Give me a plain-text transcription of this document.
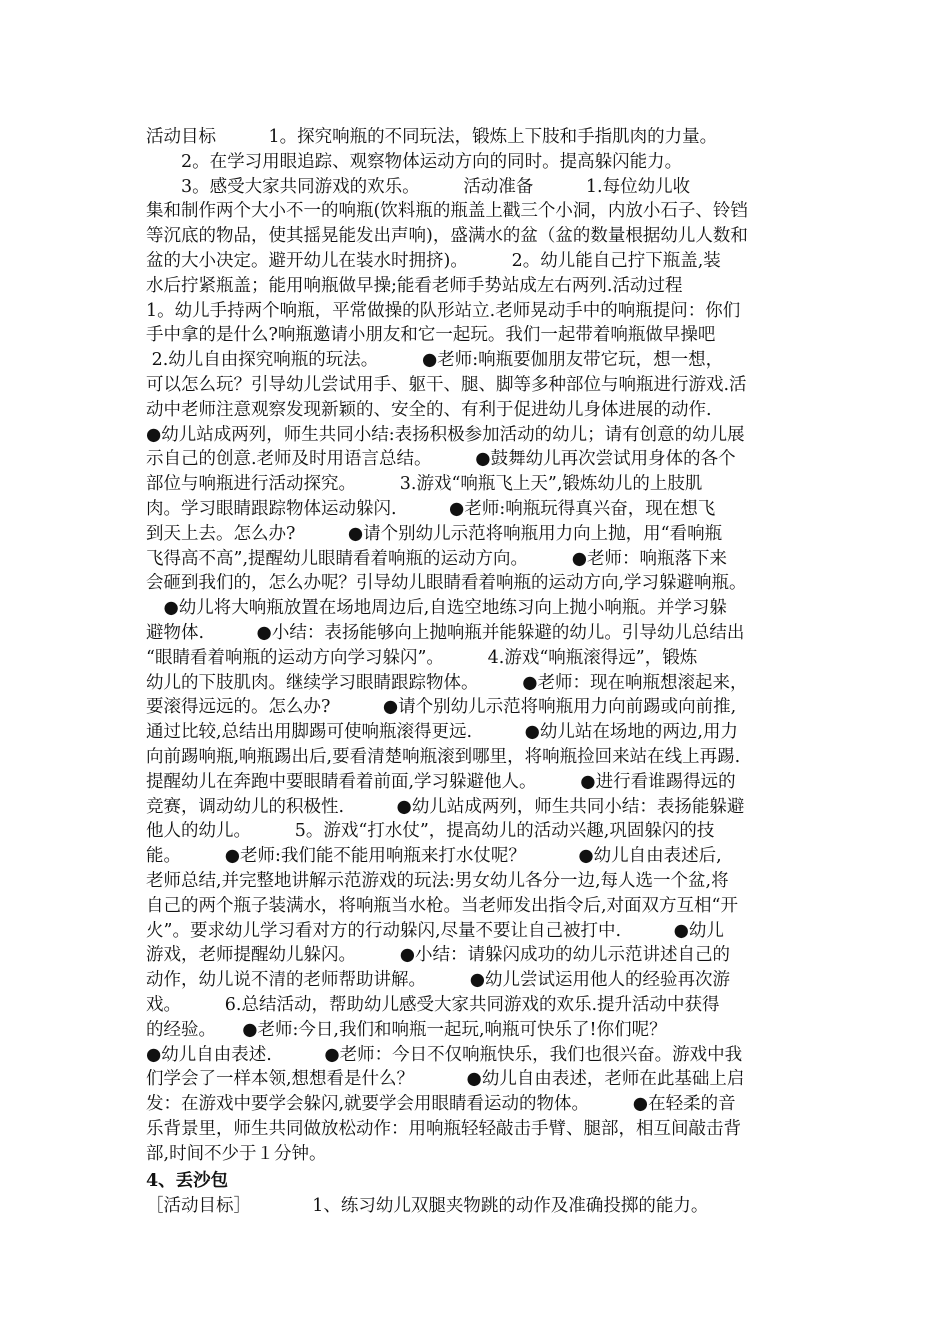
活动目标　　　1。探究响瓶的不同玩法，锻炼上下肢和手指肌肉的力量。
　　2。在学习用眼追踪、观察物体运动方向的同时。提高躲闪能力。
　　3。感受大家共同游戏的欢乐。　　　活动准备　　　1.每位幼儿收
集和制作两个大小不一的响瓶(饮料瓶的瓶盖上戳三个小洞，内放小石子、铃铛
等沉底的物品，使其摇晃能发出声响)，盛满水的盆（盆的数量根据幼儿人数和
盆的大小决定。避开幼儿在装水时拥挤)。　　　2。幼儿能自己拧下瓶盖,装
水后拧紧瓶盖；能用响瓶做早操;能看老师手势站成左右两列.活动过程
1。幼儿手持两个响瓶，平常做操的队形站立.老师晃动手中的响瓶提问：你们
手中拿的是什么?响瓶邀请小朋友和它一起玩。我们一起带着响瓶做早操吧
2.幼儿自由探究响瓶的玩法。　　　●老师:响瓶要伽朋友带它玩，想一想，
可以怎么玩？引导幼儿尝试用手、躯干、腿、脚等多种部位与响瓶进行游戏.活
动中老师注意观察发现新颖的、安全的、有利于促进幼儿身体进展的动作.
●幼儿站成两列，师生共同小结:表扬积极参加活动的幼儿；请有创意的幼儿展
示自己的创意.老师及时用语言总结。　　　●鼓舞幼儿再次尝试用身体的各个
部位与响瓶进行活动探究。　　　3.游戏“响瓶飞上天”,锻炼幼儿的上肢肌
肉。学习眼睛跟踪物体运动躲闪.　　　●老师:响瓶玩得真兴奋，现在想飞
到天上去。怎么办?　　　●请个别幼儿示范将响瓶用力向上抛，用“看响瓶
飞得高不高”,提醒幼儿眼睛看着响瓶的运动方向。　　　●老师：响瓶落下来
会砸到我们的，怎么办呢？引导幼儿眼睛看着响瓶的运动方向,学习躲避响瓶。
　●幼儿将大响瓶放置在场地周边后,自选空地练习向上抛小响瓶。并学习躲
避物体.　　　●小结：表扬能够向上抛响瓶并能躲避的幼儿。引导幼儿总结出
“眼睛看着响瓶的运动方向学习躲闪”。　　　4.游戏“响瓶滚得远”，锻炼
幼儿的下肢肌肉。继续学习眼睛跟踪物体。　　　●老师：现在响瓶想滚起来，
要滚得远远的。怎么办?　　　●请个别幼儿示范将响瓶用力向前踢或向前推,
通过比较,总结出用脚踢可使响瓶滚得更远.　　　●幼儿站在场地的两边,用力
向前踢响瓶,响瓶踢出后,要看清楚响瓶滚到哪里，将响瓶捡回来站在线上再踢.
提醒幼儿在奔跑中要眼睛看着前面,学习躲避他人。　　　●进行看谁踢得远的
竞赛，调动幼儿的积极性.　　　●幼儿站成两列，师生共同小结：表扬能躲避
他人的幼儿。　　　5。游戏“打水仗”，提高幼儿的活动兴趣,巩固躲闪的技
能。　　　●老师:我们能不能用响瓶来打水仗呢？　　　●幼儿自由表述后,
老师总结,并完整地讲解示范游戏的玩法:男女幼儿各分一边,每人选一个盆,将
自己的两个瓶子装满水，将响瓶当水枪。当老师发出指令后,对面双方互相“开
火”。要求幼儿学习看对方的行动躲闪,尽量不要让自己被打中.　　　●幼儿
游戏，老师提醒幼儿躲闪。　　　●小结：请躲闪成功的幼儿示范讲述自己的
动作，幼儿说不清的老师帮助讲解。　　　●幼儿尝试运用他人的经验再次游
戏。　　　6.总结活动，帮助幼儿感受大家共同游戏的欢乐.提升活动中获得
的经验。　　●老师:今日,我们和响瓶一起玩,响瓶可快乐了!你们呢？
●幼儿自由表述.　　　●老师：今日不仅响瓶快乐，我们也很兴奋。游戏中我
们学会了一样本领,想想看是什么？　　　●幼儿自由表述，老师在此基础上启
发：在游戏中要学会躲闪,就要学会用眼睛看运动的物体。　　　●在轻柔的音
乐背景里，师生共同做放松动作：用响瓶轻轻敲击手臂、腿部，相互间敲击背
部,时间不少于１分钟。
4、丢沙包
［活动目标］　　　　1、练习幼儿双腿夹物跳的动作及准确投掷的能力。
